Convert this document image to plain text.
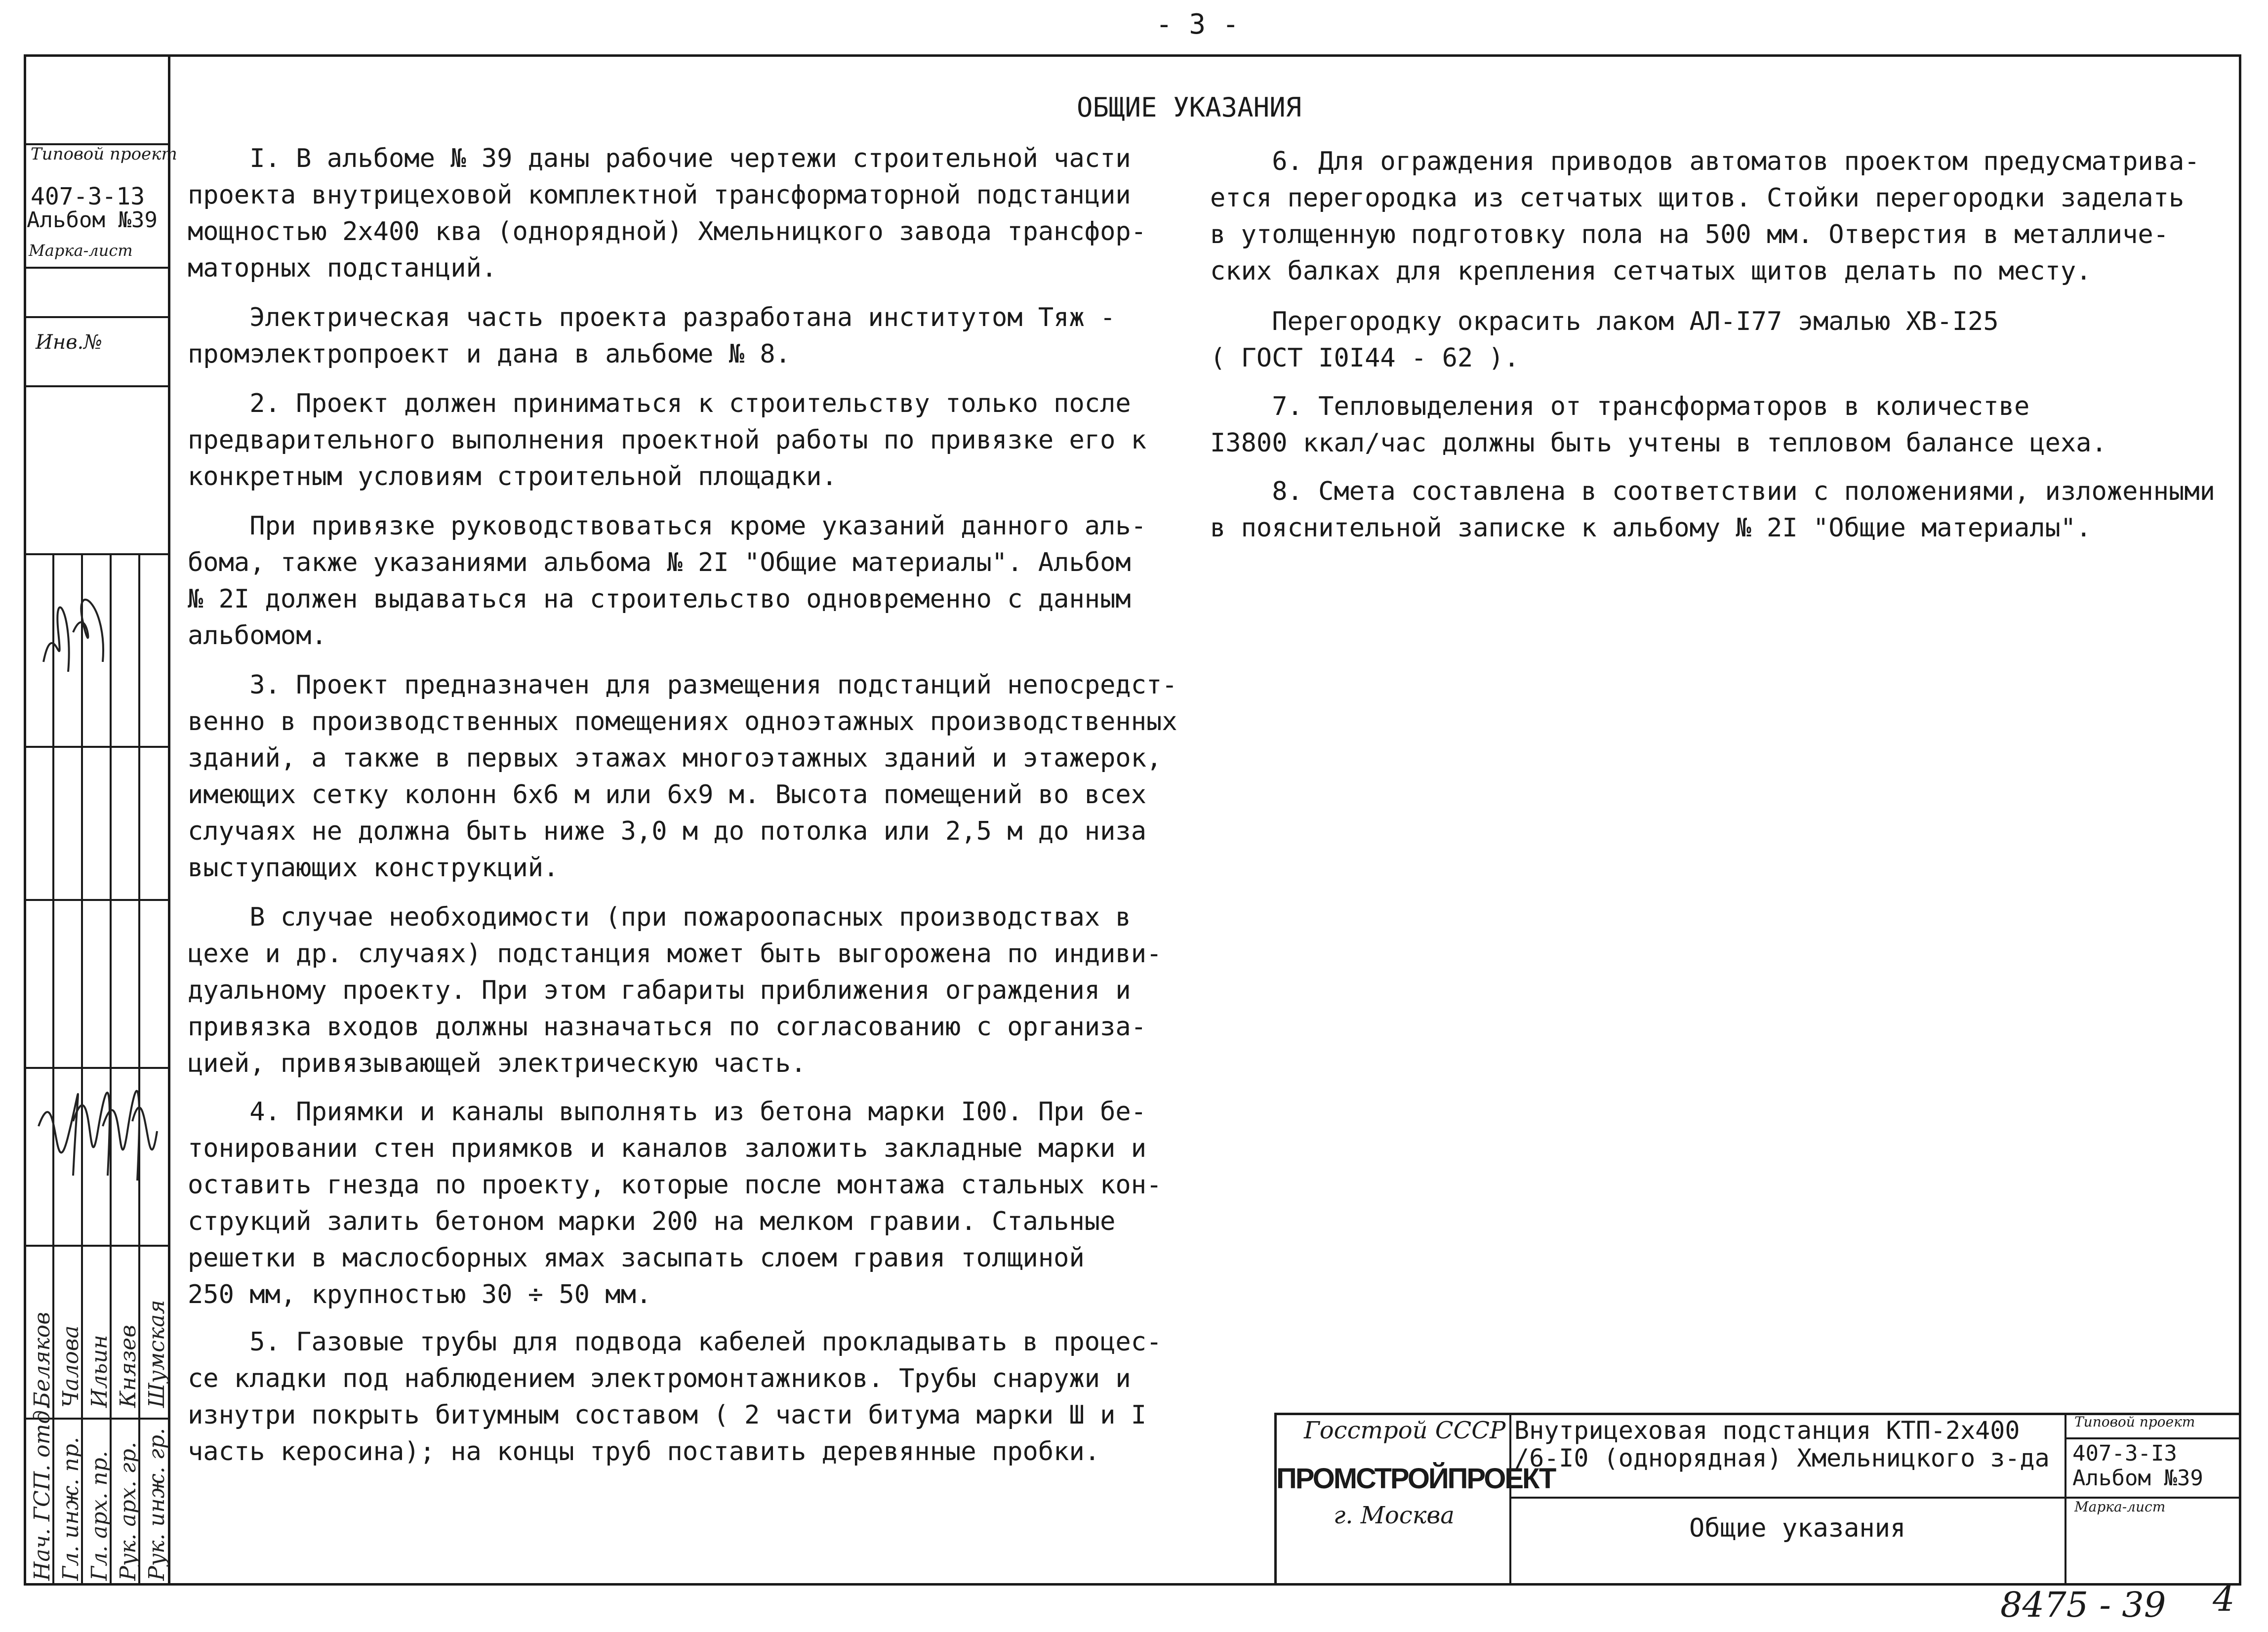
- 3 -
Типовой проект
407-3-13
Альбом №39
Марка-лист
Инв.№
Нач. ГСП. отд. Гл. инж. пр. Гл. арх. пр. Рук. арх. гр. Рук. инж. гр.
Беляков Чалова Ильин Князев Шумская
ОБЩИЕ УКАЗАНИЯ
I. В альбоме № 39 даны рабочие чертежи строительной части
проекта внутрицеховой комплектной трансформаторной подстанции
мощностью 2х400 ква (однорядной) Хмельницкого завода трансфор-
маторных подстанций.
Электрическая часть проекта разработана институтом Тяж -
промэлектропроект и дана в альбоме № 8.
2. Проект должен приниматься к строительству только после
предварительного выполнения проектной работы по привязке его к
конкретным условиям строительной площадки.
При привязке руководствоваться кроме указаний данного аль-
бома, также указаниями альбома № 2I "Общие материалы". Альбом
№ 2I должен выдаваться на строительство одновременно с данным
альбомом.
3. Проект предназначен для размещения подстанций непосредст-
венно в производственных помещениях одноэтажных производственных
зданий, а также в первых этажах многоэтажных зданий и этажерок,
имеющих сетку колонн 6х6 м или 6х9 м. Высота помещений во всех
случаях не должна быть ниже 3,0 м до потолка или 2,5 м до низа
выступающих конструкций.
В случае необходимости (при пожароопасных производствах в
цехе и др. случаях) подстанция может быть выгорожена по индиви-
дуальному проекту. При этом габариты приближения ограждения и
привязка входов должны назначаться по согласованию с организа-
цией, привязывающей электрическую часть.
4. Приямки и каналы выполнять из бетона марки I00. При бе-
тонировании стен приямков и каналов заложить закладные марки и
оставить гнезда по проекту, которые после монтажа стальных кон-
струкций залить бетоном марки 200 на мелком гравии. Стальные
решетки в маслосборных ямах засыпать слоем гравия толщиной
250 мм, крупностью 30 ÷ 50 мм.
5. Газовые трубы для подвода кабелей прокладывать в процес-
се кладки под наблюдением электромонтажников. Трубы снаружи и
изнутри покрыть битумным составом ( 2 части битума марки Ш и I
часть керосина); на концы труб поставить деревянные пробки.
6. Для ограждения приводов автоматов проектом предусматрива-
ется перегородка из сетчатых щитов. Стойки перегородки заделать
в утолщенную подготовку пола на 500 мм. Отверстия в металличе-
ских балках для крепления сетчатых щитов делать по месту.
Перегородку окрасить лаком АЛ-I77 эмалью ХВ-I25
( ГОСТ I0I44 - 62 ).
7. Тепловыделения от трансформаторов в количестве
I3800 ккал/час должны быть учтены в тепловом балансе цеха.
8. Смета составлена в соответствии с положениями, изложенными
в пояснительной записке к альбому № 2I "Общие материалы".
Госстрой СССР
ПРОМСТРОЙПРОЕКТ
г. Москва
Внутрицеховая подстанция КТП-2х400
/6-I0 (однорядная) Хмельницкого з-да
Общие указания
Типовой проект
407-3-I3
Альбом №39
Марка-лист
8475 - 39 4
